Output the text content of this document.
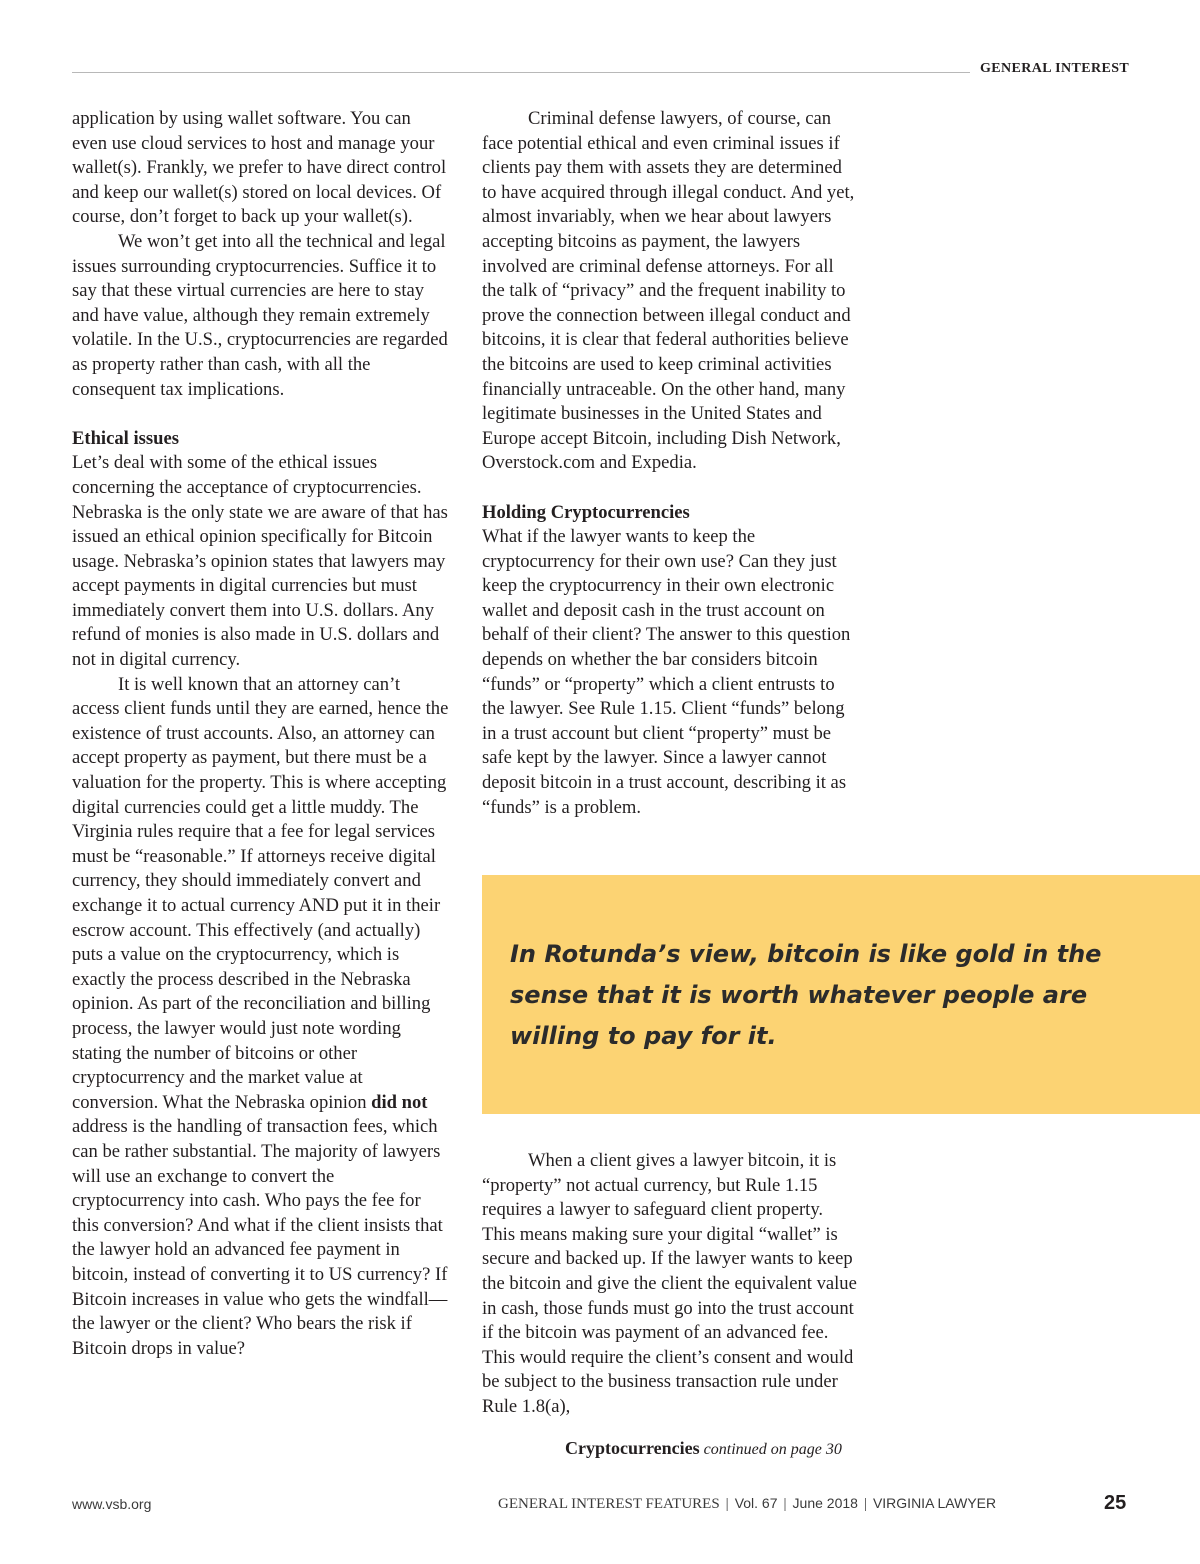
GENERAL INTEREST

application by using wallet software. You can even use cloud services to host and manage your wallet(s). Frankly, we prefer to have direct control and keep our wallet(s) stored on local devices. Of course, don’t forget to back up your wallet(s).

We won’t get into all the technical and legal issues surrounding cryptocurrencies. Suffice it to say that these virtual currencies are here to stay and have value, although they remain extremely volatile. In the U.S., cryptocurrencies are regarded as property rather than cash, with all the consequent tax implications.

Ethical issues

Let’s deal with some of the ethical issues concerning the acceptance of cryptocurrencies. Nebraska is the only state we are aware of that has issued an ethical opinion specifically for Bitcoin usage. Nebraska’s opinion states that lawyers may accept payments in digital currencies but must immediately convert them into U.S. dollars. Any refund of monies is also made in U.S. dollars and not in digital currency.

It is well known that an attorney can’t access client funds until they are earned, hence the existence of trust accounts. Also, an attorney can accept property as payment, but there must be a valuation for the property. This is where accepting digital currencies could get a little muddy. The Virginia rules require that a fee for legal services must be “reasonable.” If attorneys receive digital currency, they should immediately convert and exchange it to actual currency AND put it in their escrow account. This effectively (and actually) puts a value on the cryptocurrency, which is exactly the process described in the Nebraska opinion. As part of the reconciliation and billing process, the lawyer would just note wording stating the number of bitcoins or other cryptocurrency and the market value at conversion. What the Nebraska opinion did not address is the handling of transaction fees, which can be rather substantial. The majority of lawyers will use an exchange to convert the cryptocurrency into cash. Who pays the fee for this conversion? And what if the client insists that the lawyer hold an advanced fee payment in bitcoin, instead of converting it to US currency? If Bitcoin increases in value who gets the windfall—the lawyer or the client? Who bears the risk if Bitcoin drops in value?

Criminal defense lawyers, of course, can face potential ethical and even criminal issues if clients pay them with assets they are determined to have acquired through illegal conduct. And yet, almost invariably, when we hear about lawyers accepting bitcoins as payment, the lawyers involved are criminal defense attorneys. For all the talk of “privacy” and the frequent inability to prove the connection between illegal conduct and bitcoins, it is clear that federal authorities believe the bitcoins are used to keep criminal activities financially untraceable. On the other hand, many legitimate businesses in the United States and Europe accept Bitcoin, including Dish Network, Overstock.com and Expedia.

Holding Cryptocurrencies

What if the lawyer wants to keep the cryptocurrency for their own use? Can they just keep the cryptocurrency in their own electronic wallet and deposit cash in the trust account on behalf of their client? The answer to this question depends on whether the bar considers bitcoin “funds” or “property” which a client entrusts to the lawyer. See Rule 1.15. Client “funds” belong in a trust account but client “property” must be safe kept by the lawyer. Since a lawyer cannot deposit bitcoin in a trust account, describing it as “funds” is a problem.

In Rotunda’s view, bitcoin is like gold in the sense that it is worth whatever people are willing to pay for it.

When a client gives a lawyer bitcoin, it is “property” not actual currency, but Rule 1.15 requires a lawyer to safeguard client property. This means making sure your digital “wallet” is secure and backed up. If the lawyer wants to keep the bitcoin and give the client the equivalent value in cash, those funds must go into the trust account if the bitcoin was payment of an advanced fee. This would require the client’s consent and would be subject to the business transaction rule under Rule 1.8(a),

Cryptocurrencies continued on page 30
www.vsb.org	GENERAL INTEREST FEATURES | Vol. 67 | June 2018 | VIRGINIA LAWYER	25
